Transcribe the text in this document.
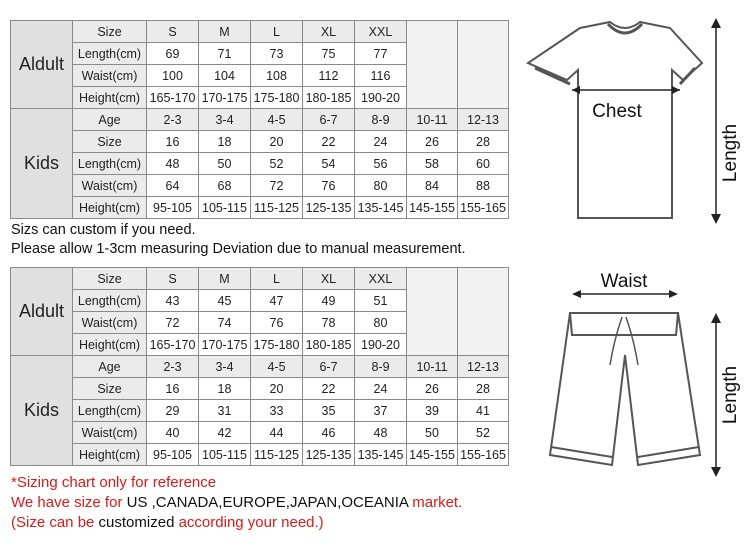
Aldult	Size	S	M	L	XL	XXL		
	Length(cm)	69	71	73	75	77		
	Waist(cm)	100	104	108	112	116		
	Height(cm)	165-170	170-175	175-180	180-185	190-20		
Kids	Age	2-3	3-4	4-5	6-7	8-9	10-11	12-13
	Size	16	18	20	22	24	26	28
	Length(cm)	48	50	52	54	56	58	60
	Waist(cm)	64	68	72	76	80	84	88
	Height(cm)	95-105	105-115	115-125	125-135	135-145	145-155	155-165
Sizs can custom if you need.
Please allow 1-3cm measuring Deviation due to manual measurement.
Aldult	Size	S	M	L	XL	XXL		
	Length(cm)	43	45	47	49	51		
	Waist(cm)	72	74	76	78	80		
	Height(cm)	165-170	170-175	175-180	180-185	190-20		
Kids	Age	2-3	3-4	4-5	6-7	8-9	10-11	12-13
	Size	16	18	20	22	24	26	28
	Length(cm)	29	31	33	35	37	39	41
	Waist(cm)	40	42	44	46	48	50	52
	Height(cm)	95-105	105-115	115-125	125-135	135-145	145-155	155-165
*Sizing chart only for reference
We have size for US ,CANADA,EUROPE,JAPAN,OCEANIA market.
(Size can be customized according your need.)
Chest
Length
Waist
Length
